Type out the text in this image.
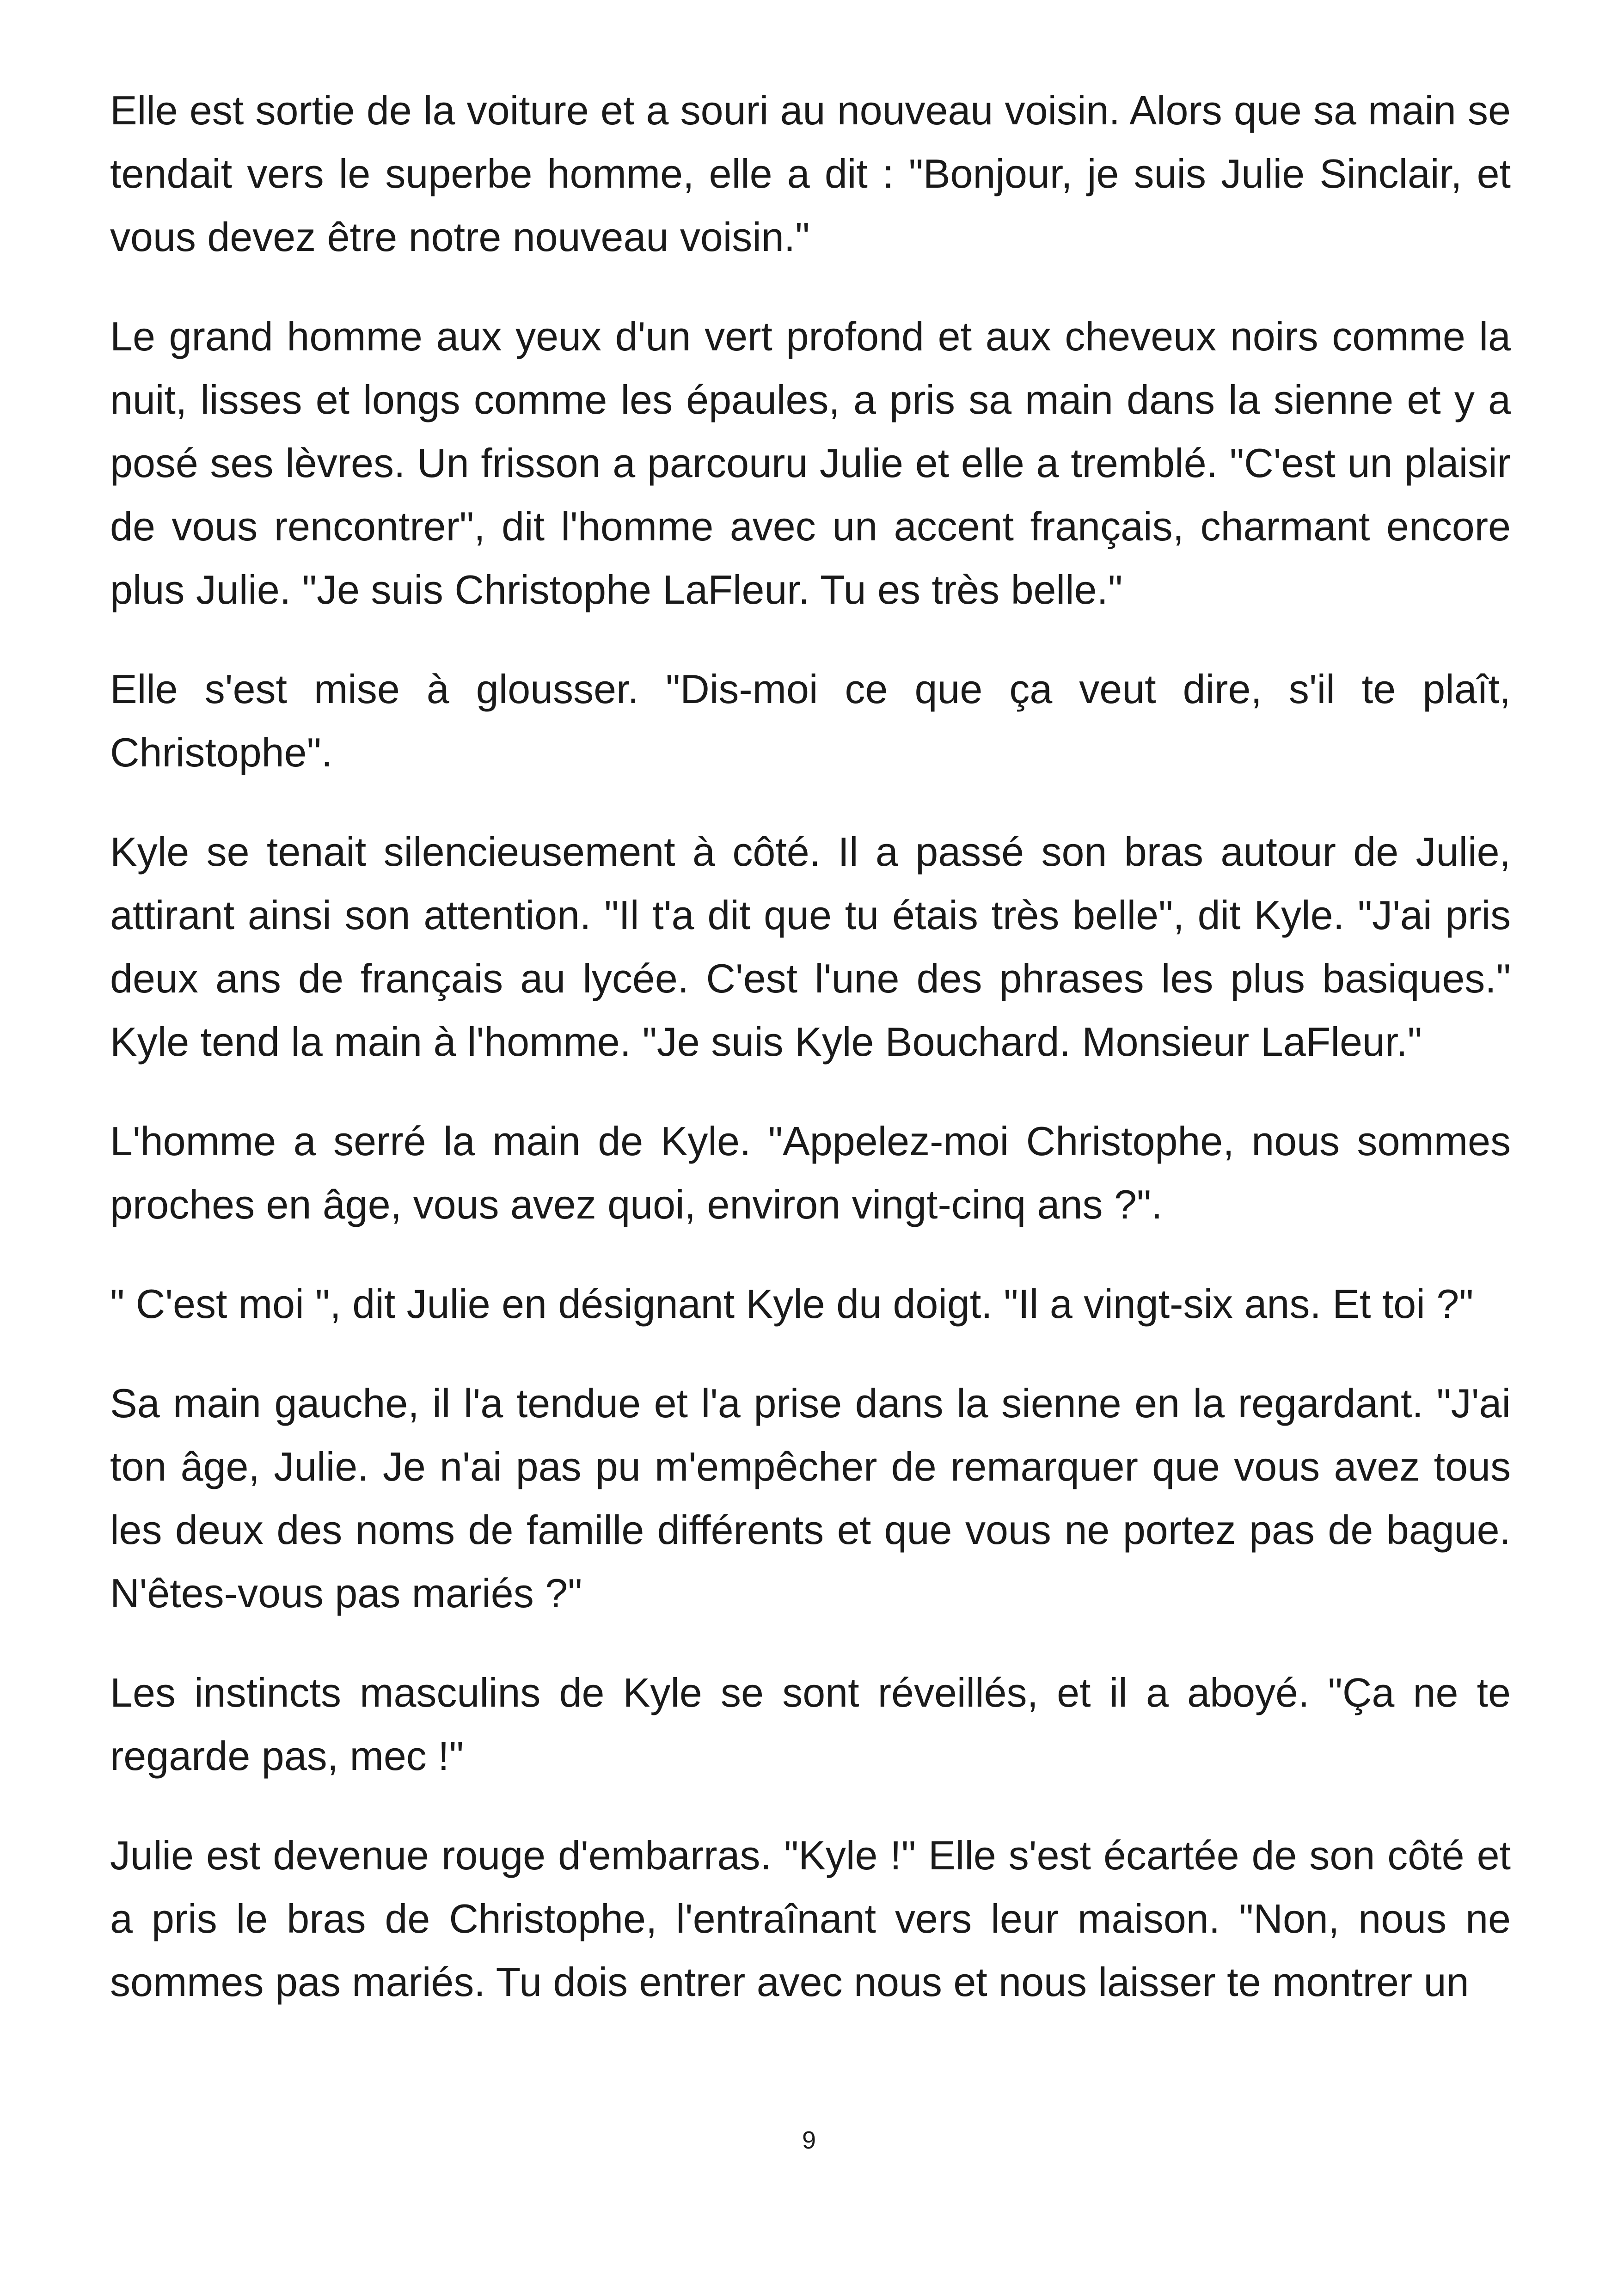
Elle est sortie de la voiture et a souri au nouveau voisin. Alors que sa main se tendait vers le superbe homme, elle a dit : "Bonjour, je suis Julie Sinclair, et vous devez être notre nouveau voisin."

Le grand homme aux yeux d'un vert profond et aux cheveux noirs comme la nuit, lisses et longs comme les épaules, a pris sa main dans la sienne et y a posé ses lèvres. Un frisson a parcouru Julie et elle a tremblé. "C'est un plaisir de vous rencontrer", dit l'homme avec un accent français, charmant encore plus Julie. "Je suis Christophe LaFleur. Tu es très belle."

Elle s'est mise à glousser. "Dis-moi ce que ça veut dire, s'il te plaît, Christophe".

Kyle se tenait silencieusement à côté. Il a passé son bras autour de Julie, attirant ainsi son attention. "Il t'a dit que tu étais très belle", dit Kyle. "J'ai pris deux ans de français au lycée. C'est l'une des phrases les plus basiques." Kyle tend la main à l'homme. "Je suis Kyle Bouchard. Monsieur LaFleur."

L'homme a serré la main de Kyle. "Appelez-moi Christophe, nous sommes proches en âge, vous avez quoi, environ vingt-cinq ans ?".

" C'est moi ", dit Julie en désignant Kyle du doigt. "Il a vingt-six ans. Et toi ?"

Sa main gauche, il l'a tendue et l'a prise dans la sienne en la regardant. "J'ai ton âge, Julie. Je n'ai pas pu m'empêcher de remarquer que vous avez tous les deux des noms de famille différents et que vous ne portez pas de bague. N'êtes-vous pas mariés ?"

Les instincts masculins de Kyle se sont réveillés, et il a aboyé. "Ça ne te regarde pas, mec !"

Julie est devenue rouge d'embarras. "Kyle !" Elle s'est écartée de son côté et a pris le bras de Christophe, l'entraînant vers leur maison. "Non, nous ne sommes pas mariés. Tu dois entrer avec nous et nous laisser te montrer un

9
